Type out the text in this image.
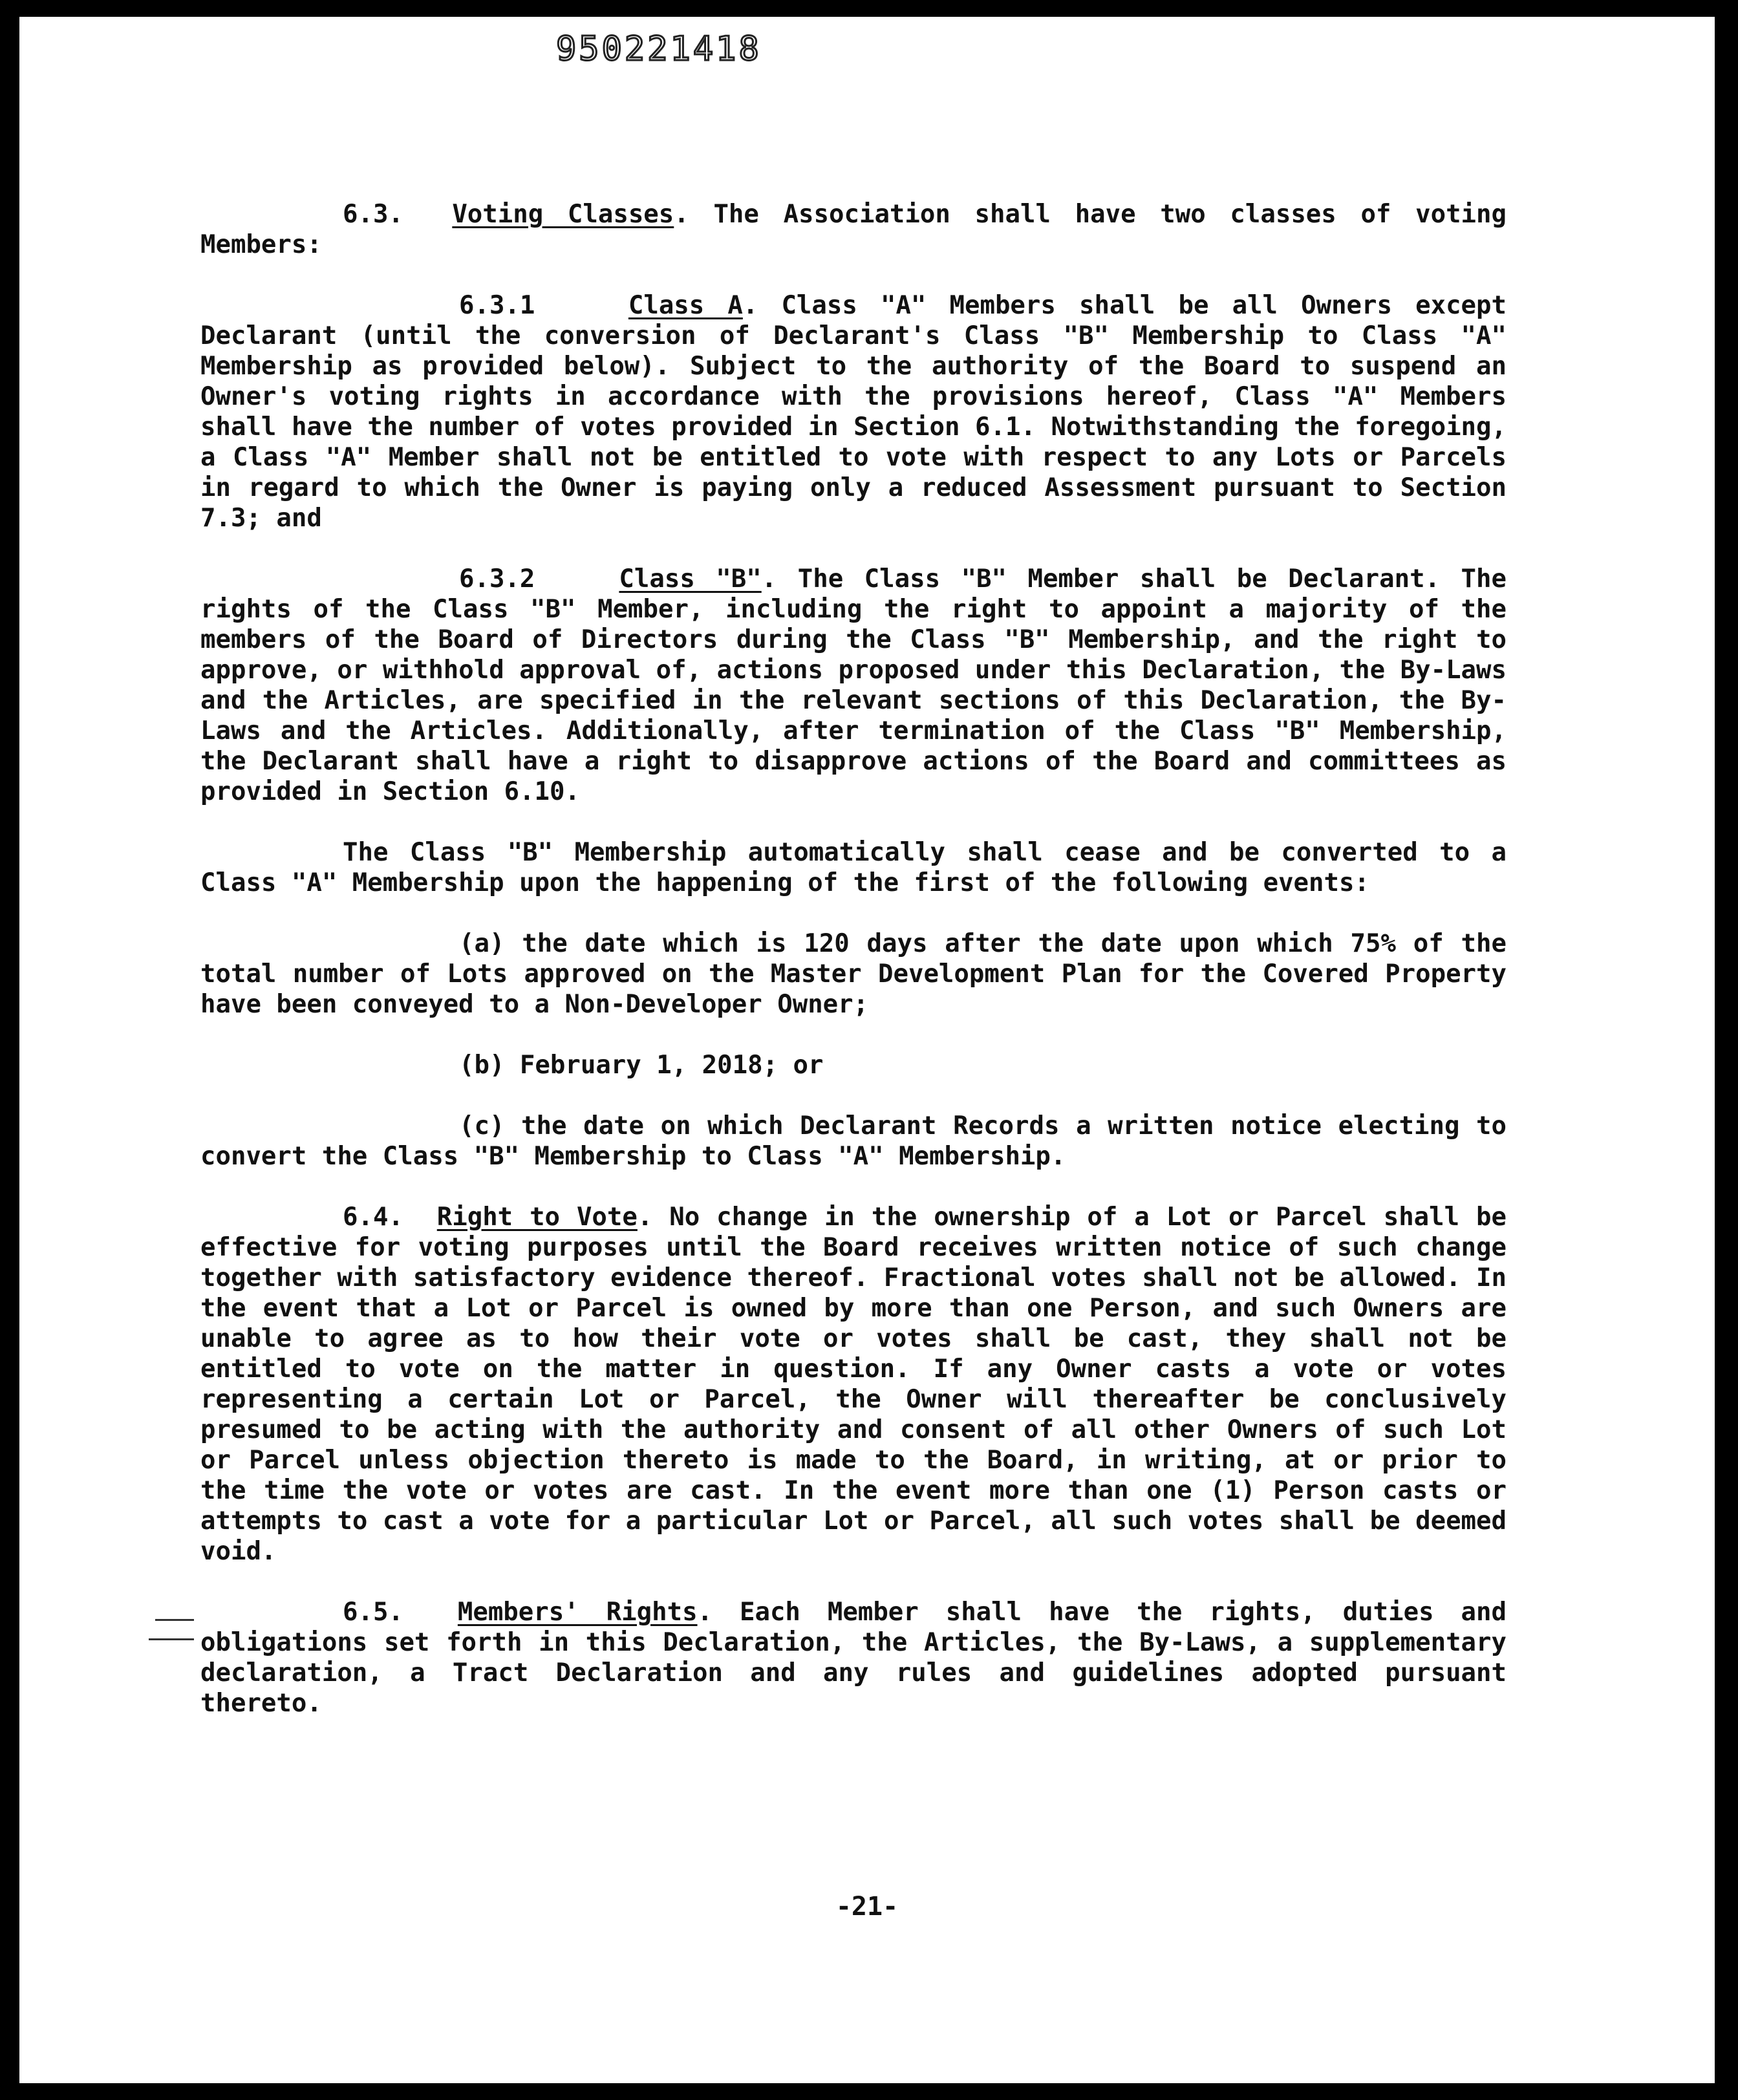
950221418

6.3. Voting Classes. The Association shall have two classes of voting Members:

6.3.1	Class A. Class "A" Members shall be all Owners except Declarant (until the conversion of Declarant's Class "B" Membership to Class "A" Membership as provided below). Subject to the authority of the Board to suspend an Owner's voting rights in accordance with the provisions hereof, Class "A" Members shall have the number of votes provided in Section 6.1. Notwithstanding the foregoing, a Class "A" Member shall not be entitled to vote with respect to any Lots or Parcels in regard to which the Owner is paying only a reduced Assessment pursuant to Section 7.3; and

6.3.2	Class "B". The Class "B" Member shall be Declarant. The rights of the Class "B" Member, including the right to appoint a majority of the members of the Board of Directors during the Class "B" Membership, and the right to approve, or withhold approval of, actions proposed under this Declaration, the By-Laws and the Articles, are specified in the relevant sections of this Declaration, the By-Laws and the Articles. Additionally, after termination of the Class "B" Membership, the Declarant shall have a right to disapprove actions of the Board and committees as provided in Section 6.10.

The Class "B" Membership automatically shall cease and be converted to a Class "A" Membership upon the happening of the first of the following events:

(a) the date which is 120 days after the date upon which 75% of the total number of Lots approved on the Master Development Plan for the Covered Property have been conveyed to a Non-Developer Owner;

(b) February 1, 2018; or

(c) the date on which Declarant Records a written notice electing to convert the Class "B" Membership to Class "A" Membership.

6.4. Right to Vote. No change in the ownership of a Lot or Parcel shall be effective for voting purposes until the Board receives written notice of such change together with satisfactory evidence thereof. Fractional votes shall not be allowed. In the event that a Lot or Parcel is owned by more than one Person, and such Owners are unable to agree as to how their vote or votes shall be cast, they shall not be entitled to vote on the matter in question. If any Owner casts a vote or votes representing a certain Lot or Parcel, the Owner will thereafter be conclusively presumed to be acting with the authority and consent of all other Owners of such Lot or Parcel unless objection thereto is made to the Board, in writing, at or prior to the time the vote or votes are cast. In the event more than one (1) Person casts or attempts to cast a vote for a particular Lot or Parcel, all such votes shall be deemed void.

6.5. Members' Rights. Each Member shall have the rights, duties and obligations set forth in this Declaration, the Articles, the By-Laws, a supplementary declaration, a Tract Declaration and any rules and guidelines adopted pursuant thereto.

-21-
